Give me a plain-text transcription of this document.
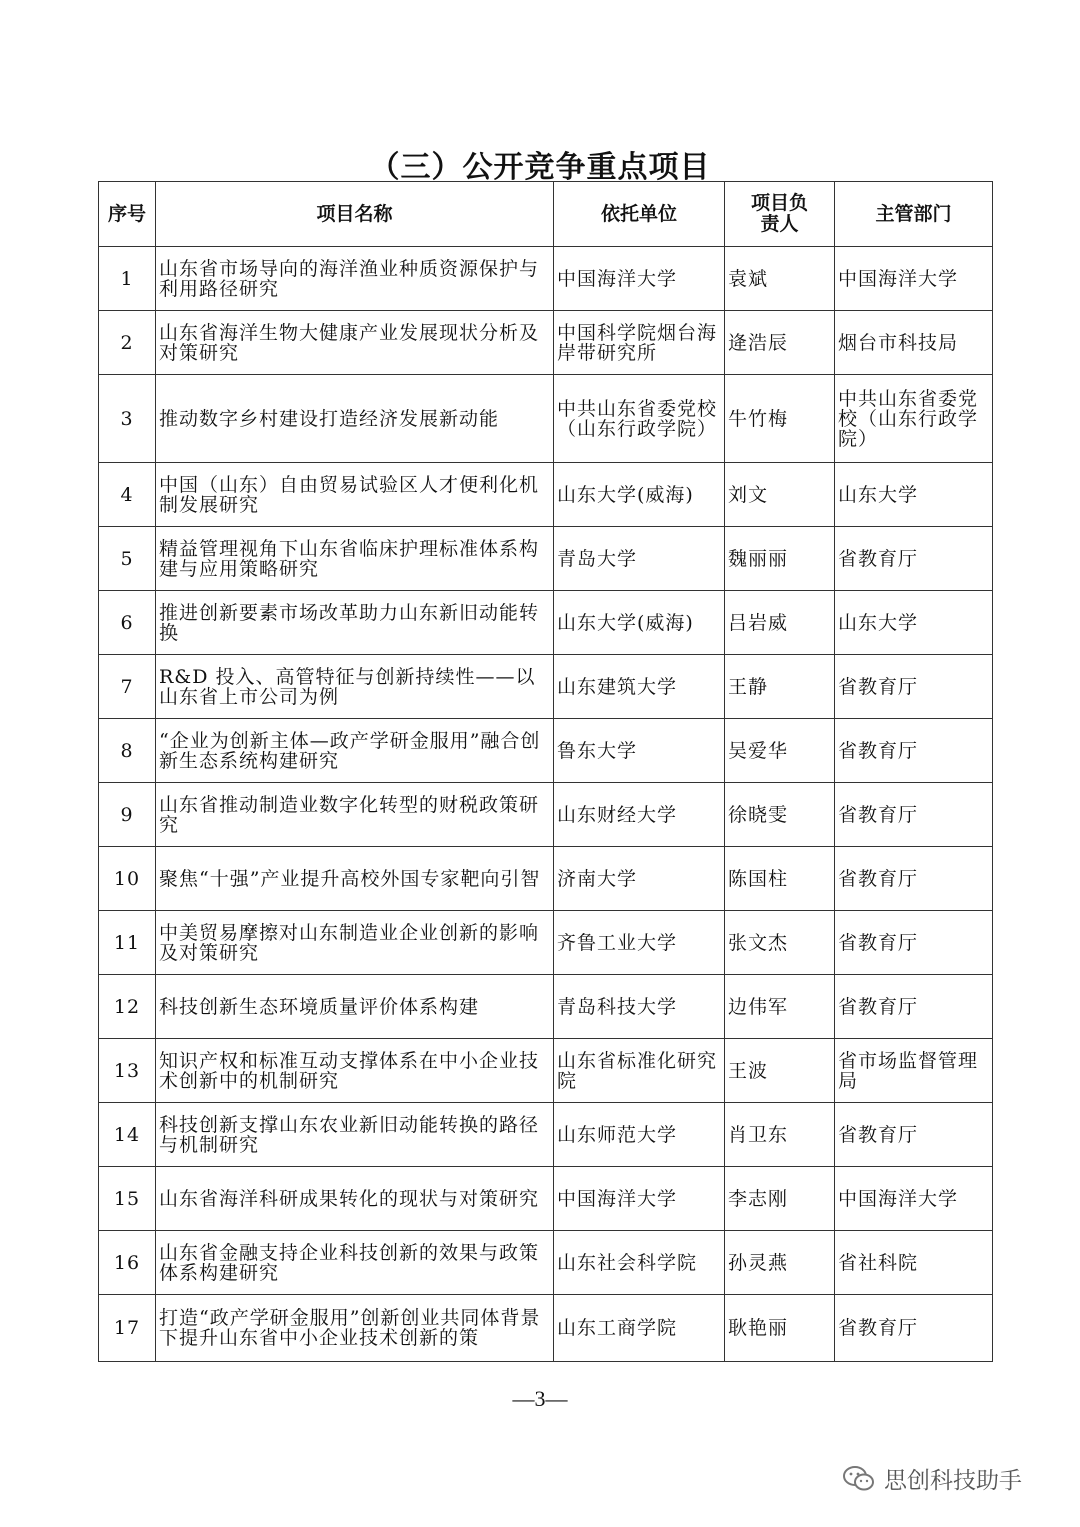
（三）公开竞争重点项目
序号	项目名称	依托单位	项目负责人	主管部门
1	山东省市场导向的海洋渔业种质资源保护与利用路径研究	中国海洋大学	袁斌	中国海洋大学
2	山东省海洋生物大健康产业发展现状分析及对策研究	中国科学院烟台海岸带研究所	逄浩辰	烟台市科技局
3	推动数字乡村建设打造经济发展新动能	中共山东省委党校（山东行政学院）	牛竹梅	中共山东省委党校（山东行政学院）
4	中国（山东）自由贸易试验区人才便利化机制发展研究	山东大学(威海)	刘文	山东大学
5	精益管理视角下山东省临床护理标准体系构建与应用策略研究	青岛大学	魏丽丽	省教育厅
6	推进创新要素市场改革助力山东新旧动能转换	山东大学(威海)	吕岩威	山东大学
7	R&D 投入、高管特征与创新持续性——以山东省上市公司为例	山东建筑大学	王静	省教育厅
8	“企业为创新主体—政产学研金服用”融合创新生态系统构建研究	鲁东大学	吴爱华	省教育厅
9	山东省推动制造业数字化转型的财税政策研究	山东财经大学	徐晓雯	省教育厅
10	聚焦“十强”产业提升高校外国专家靶向引智	济南大学	陈国柱	省教育厅
11	中美贸易摩擦对山东制造业企业创新的影响及对策研究	齐鲁工业大学	张文杰	省教育厅
12	科技创新生态环境质量评价体系构建	青岛科技大学	边伟军	省教育厅
13	知识产权和标准互动支撑体系在中小企业技术创新中的机制研究	山东省标准化研究院	王波	省市场监督管理局
14	科技创新支撑山东农业新旧动能转换的路径与机制研究	山东师范大学	肖卫东	省教育厅
15	山东省海洋科研成果转化的现状与对策研究	中国海洋大学	李志刚	中国海洋大学
16	山东省金融支持企业科技创新的效果与政策体系构建研究	山东社会科学院	孙灵燕	省社科院
17	打造“政产学研金服用”创新创业共同体背景下提升山东省中小企业技术创新的策	山东工商学院	耿艳丽	省教育厅
—3—
思创科技助手
